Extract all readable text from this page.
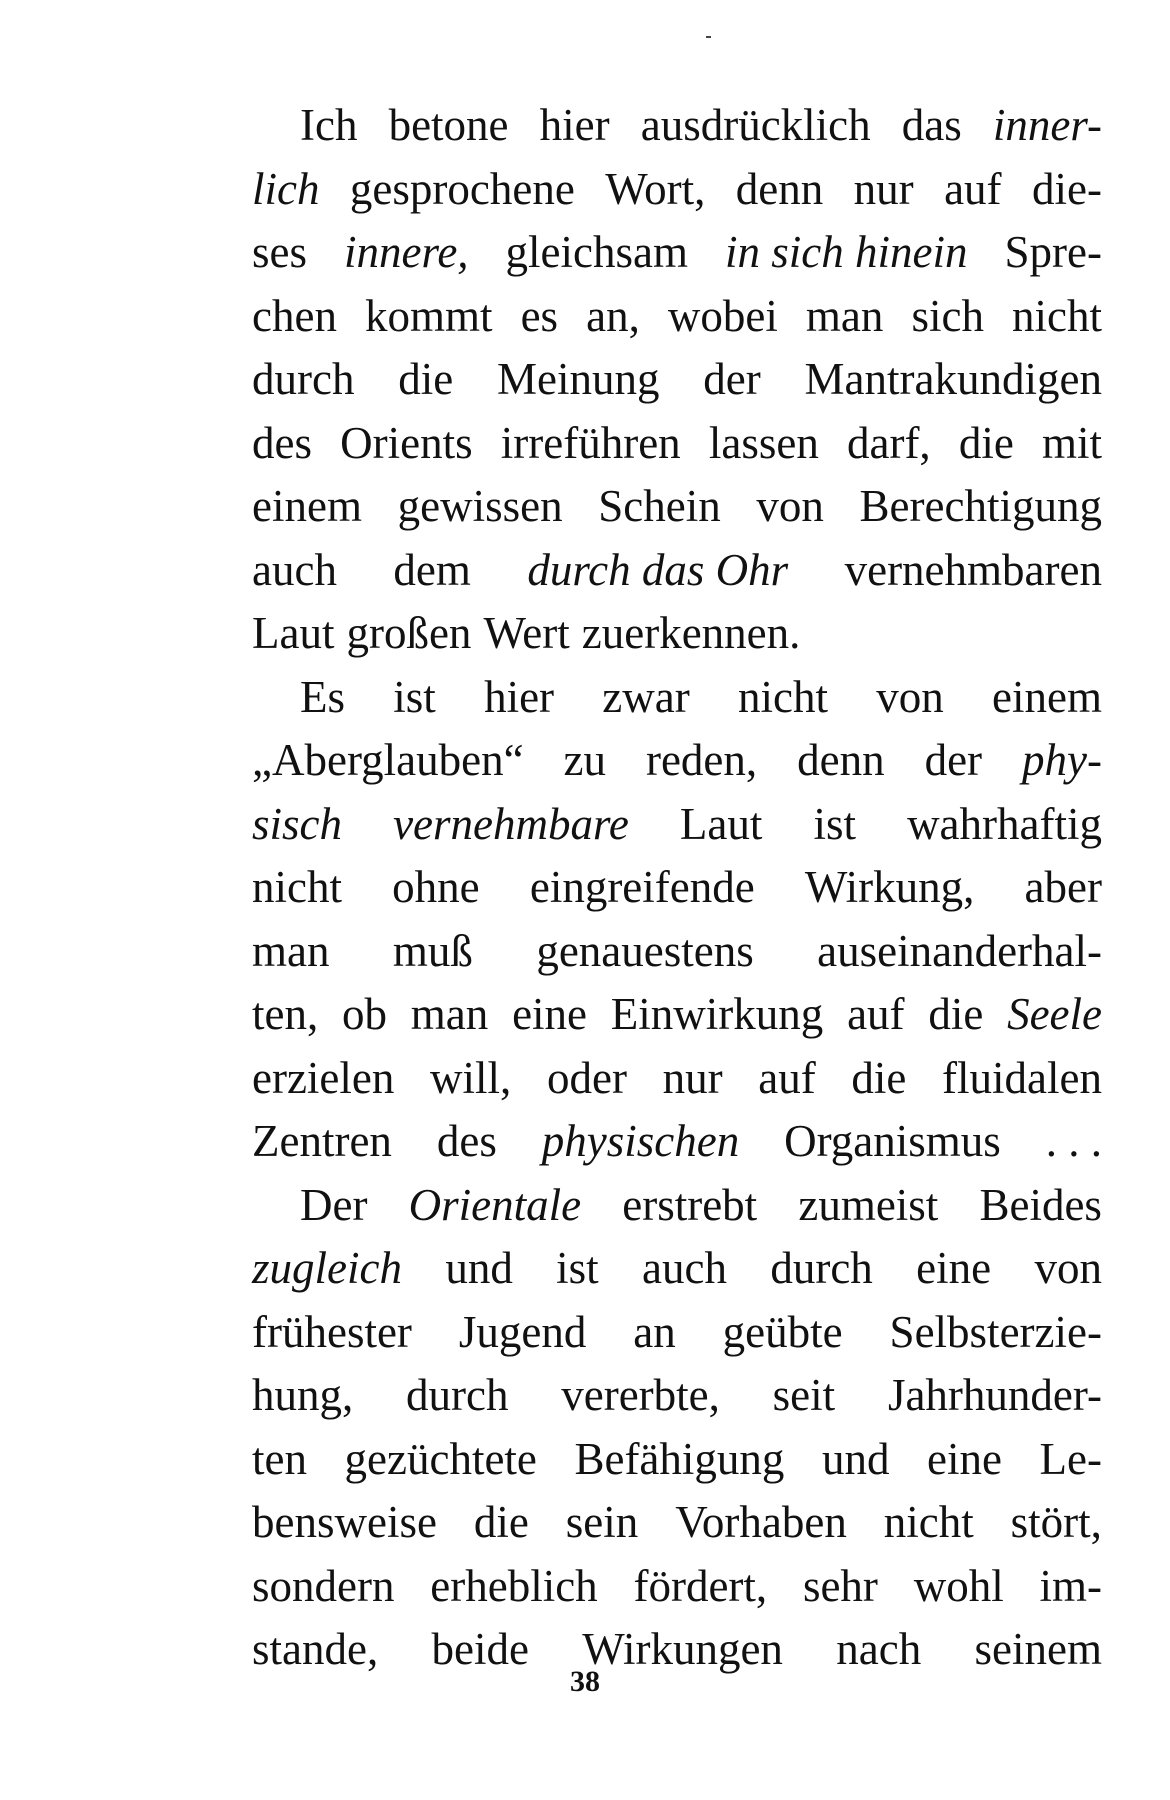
Ich betone hier ausdrücklich das inner-
lich gesprochene Wort, denn nur auf die-
ses innere, gleichsam in sich hinein Spre-
chen kommt es an, wobei man sich nicht
durch die Meinung der Mantrakundigen
des Orients irreführen lassen darf, die mit
einem gewissen Schein von Berechtigung
auch dem durch das Ohr vernehmbaren
Laut großen Wert zuerkennen.
Es ist hier zwar nicht von einem
„Aberglauben“ zu reden, denn der phy-
sisch vernehmbare Laut ist wahrhaftig
nicht ohne eingreifende Wirkung, aber
man muß genauestens auseinanderhal-
ten, ob man eine Einwirkung auf die Seele
erzielen will, oder nur auf die fluidalen
Zentren des physischen Organismus . . .
Der Orientale erstrebt zumeist Beides
zugleich und ist auch durch eine von
frühester Jugend an geübte Selbsterzie-
hung, durch vererbte, seit Jahrhunder-
ten gezüchtete Befähigung und eine Le-
bensweise die sein Vorhaben nicht stört,
sondern erheblich fördert, sehr wohl im-
stande, beide Wirkungen nach seinem
38
